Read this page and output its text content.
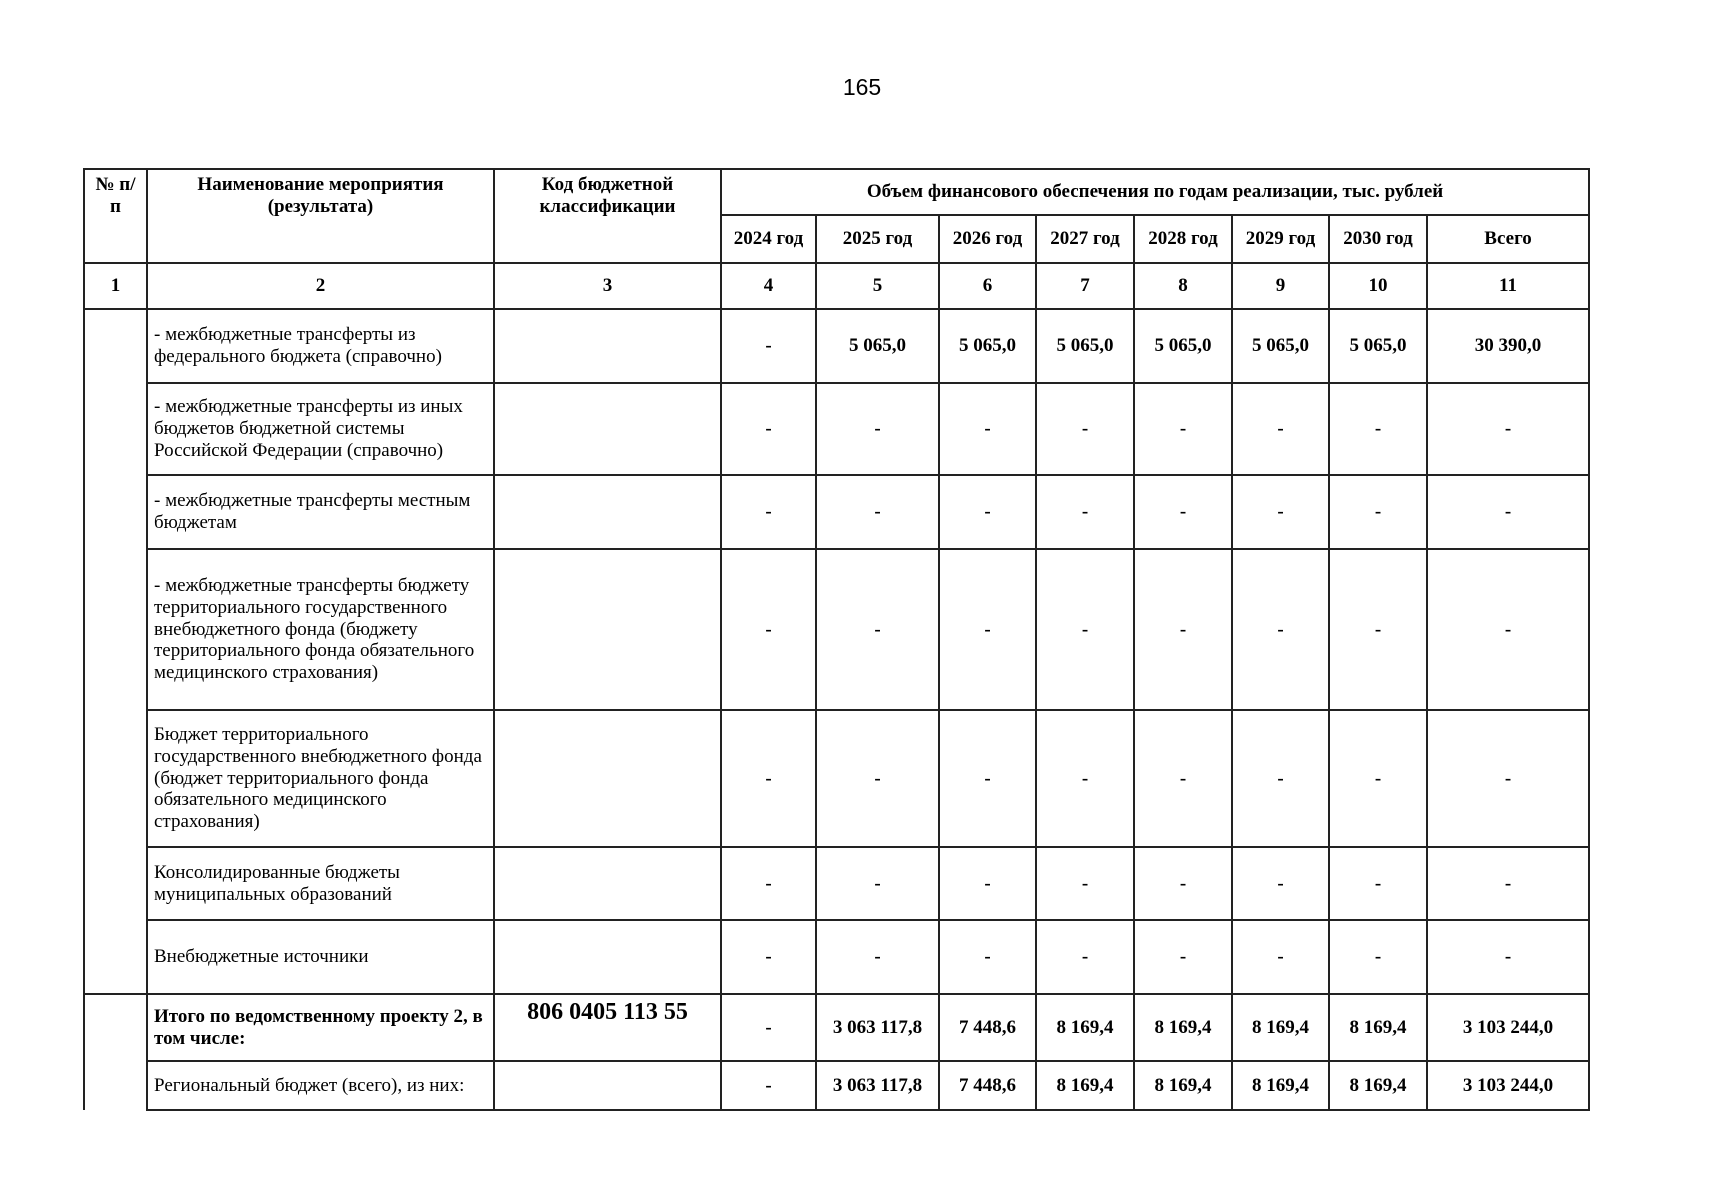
165
№ п/п	Наименование мероприятия (результата)	Код бюджетной классификации	Объем финансового обеспечения по годам реализации, тыс. рублей							
			2024 год	2025 год	2026 год	2027 год	2028 год	2029 год	2030 год	Всего
1	2	3	4	5	6	7	8	9	10	11
	- межбюджетные трансферты из федерального бюджета (справочно)		-	5 065,0	5 065,0	5 065,0	5 065,0	5 065,0	5 065,0	30 390,0
	- межбюджетные трансферты из иных бюджетов бюджетной системы Российской Федерации (справочно)		-	-	-	-	-	-	-	-
	- межбюджетные трансферты местным бюджетам		-	-	-	-	-	-	-	-
	- межбюджетные трансферты бюджету территориального государственного внебюджетного фонда (бюджету территориального фонда обязательного медицинского страхования)		-	-	-	-	-	-	-	-
	Бюджет территориального государственного внебюджетного фонда (бюджет территориального фонда обязательного медицинского страхования)		-	-	-	-	-	-	-	-
	Консолидированные бюджеты муниципальных образований		-	-	-	-	-	-	-	-
	Внебюджетные источники		-	-	-	-	-	-	-	-
	Итого по ведомственному проекту 2, в том числе:	806 0405 113 55	-	3 063 117,8	7 448,6	8 169,4	8 169,4	8 169,4	8 169,4	3 103 244,0
	Региональный бюджет (всего), из них:		-	3 063 117,8	7 448,6	8 169,4	8 169,4	8 169,4	8 169,4	3 103 244,0
